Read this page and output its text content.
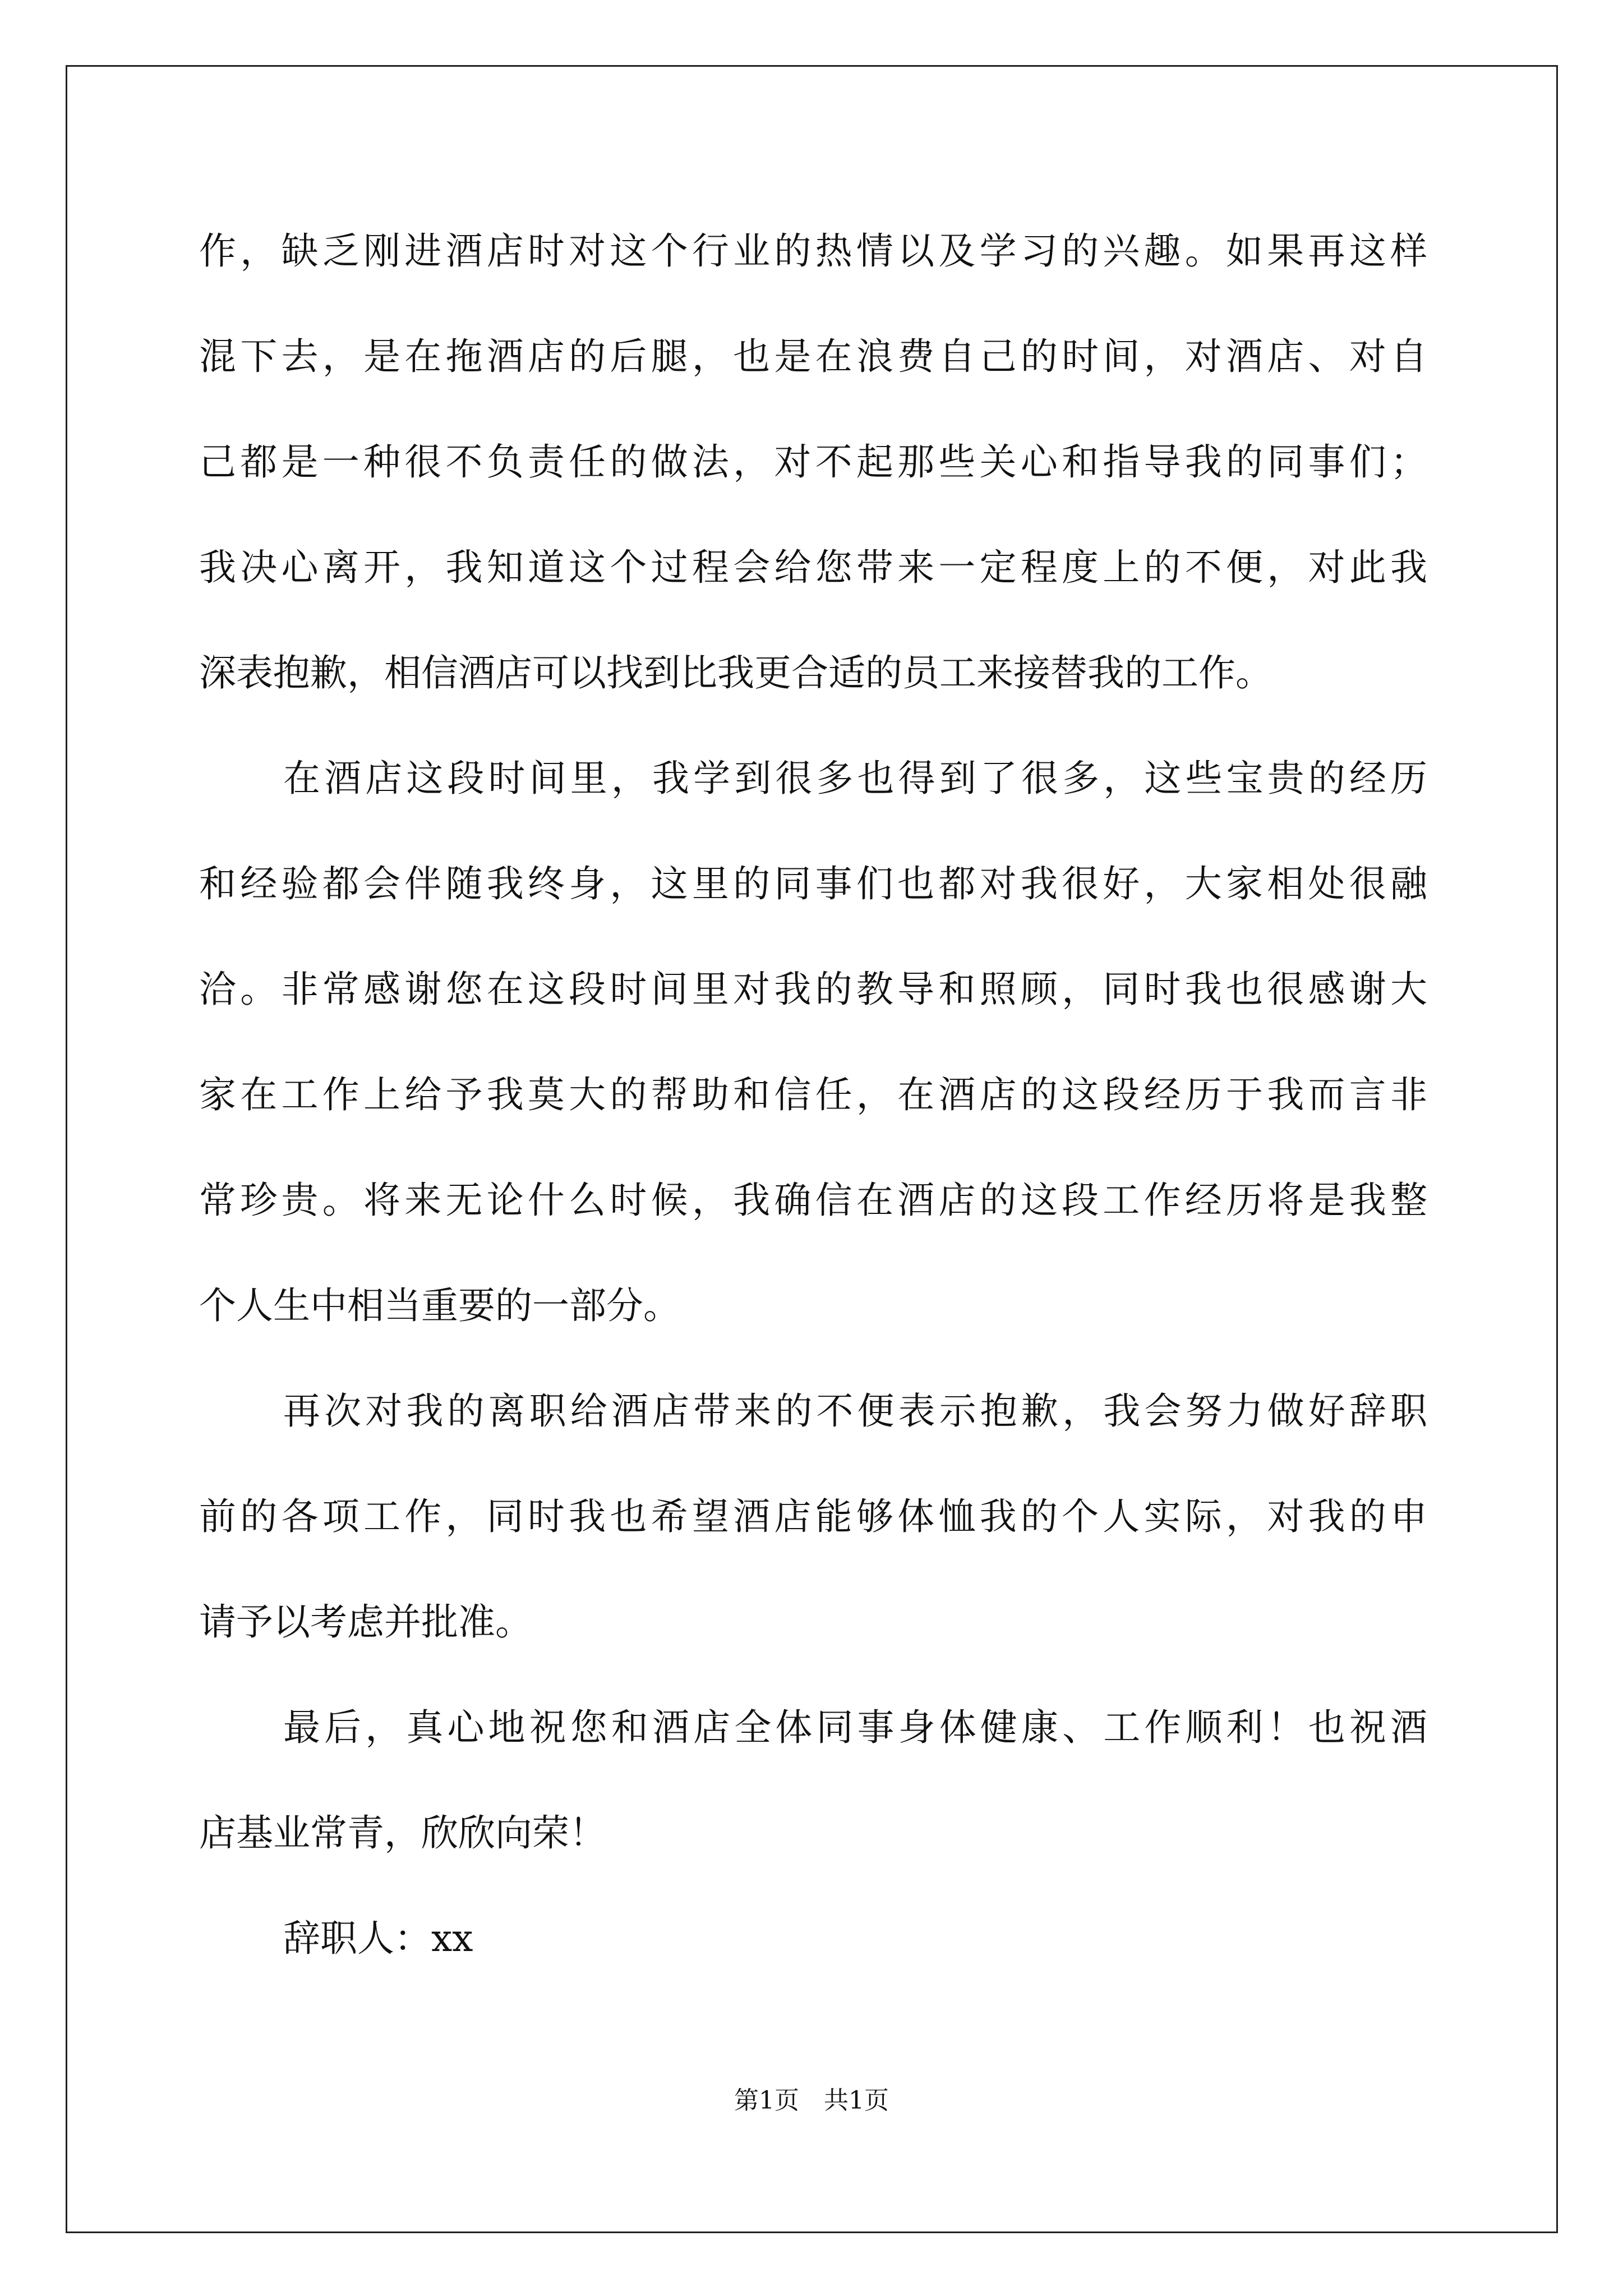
作，缺乏刚进酒店时对这个行业的热情以及学习的兴趣。如果再这样
混下去，是在拖酒店的后腿，也是在浪费自己的时间，对酒店、对自
己都是一种很不负责任的做法，对不起那些关心和指导我的同事们；
我决心离开，我知道这个过程会给您带来一定程度上的不便，对此我
深表抱歉，相信酒店可以找到比我更合适的员工来接替我的工作。
在酒店这段时间里，我学到很多也得到了很多，这些宝贵的经历
和经验都会伴随我终身，这里的同事们也都对我很好，大家相处很融
洽。非常感谢您在这段时间里对我的教导和照顾，同时我也很感谢大
家在工作上给予我莫大的帮助和信任，在酒店的这段经历于我而言非
常珍贵。将来无论什么时候，我确信在酒店的这段工作经历将是我整
个人生中相当重要的一部分。
再次对我的离职给酒店带来的不便表示抱歉，我会努力做好辞职
前的各项工作，同时我也希望酒店能够体恤我的个人实际，对我的申
请予以考虑并批准。
最后，真心地祝您和酒店全体同事身体健康、工作顺利！也祝酒
店基业常青，欣欣向荣！
辞职人：xx
第1页　共1页
